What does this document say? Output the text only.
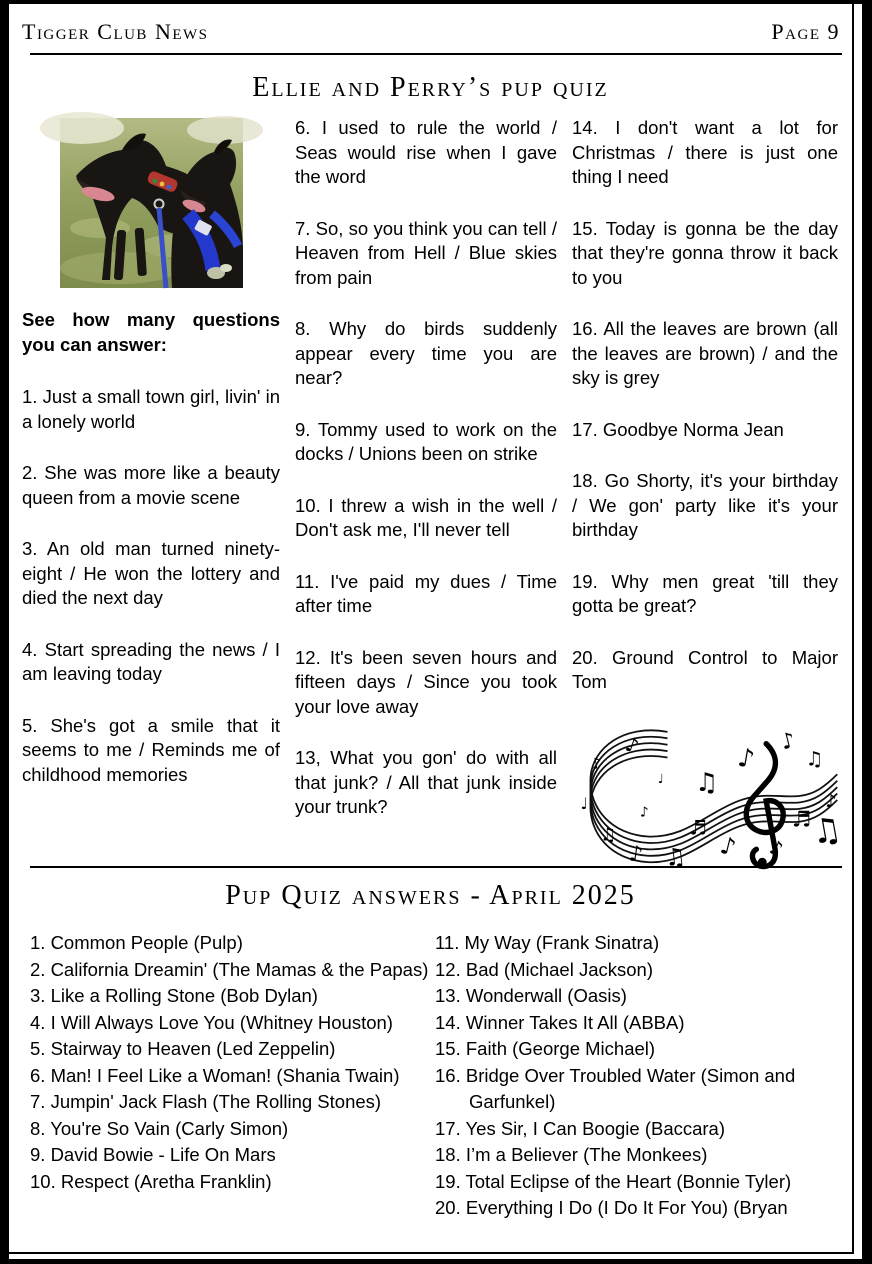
Tigger Club News	Page 9
Ellie and Perry’s pup quiz

See how many questions you can answer:

1. Just a small town girl, livin' in a lonely world

2. She was more like a beauty queen from a movie scene

3. An old man turned ninety-eight / He won the lottery and died the next day

4. Start spreading the news / I am leaving today

5. She's got a smile that it seems to me / Reminds me of childhood memories

6. I used to rule the world / Seas would rise when I gave the word

7. So, so you think you can tell / Heaven from Hell / Blue skies from pain

8. Why do birds suddenly appear every time you are near?

9. Tommy used to work on the docks / Unions been on strike

10. I threw a wish in the well / Don't ask me, I'll never tell

11. I've paid my dues / Time after time

12. It's been seven hours and fifteen days / Since you took your love away

13, What you gon' do with all that junk? / All that junk inside your trunk?

14. I don't want a lot for Christmas / there is just one thing I need

15. Today is gonna be the day that they're gonna throw it back to you

16. All the leaves are brown (all the leaves are brown) / and the sky is grey

17. Goodbye Norma Jean

18. Go Shorty, it's your birthday / We gon' party like it's your birthday

19. Why men great 'till they gotta be great?

20. Ground Control to Major Tom

♪
♪
♩
♫
♪ ♫
♬
♫
♩
♪
♪
♪
♪
♫
♫
♬
♪
♪
Pup Quiz answers - April 2025

1. Common People (Pulp)

2. California Dreamin' (The Mamas & the Papas)

3. Like a Rolling Stone (Bob Dylan)

4. I Will Always Love You (Whitney Houston)

5. Stairway to Heaven (Led Zeppelin)

6. Man! I Feel Like a Woman! (Shania Twain)

7. Jumpin' Jack Flash (The Rolling Stones)

8. You're So Vain (Carly Simon)

9. David Bowie - Life On Mars

10. Respect (Aretha Franklin)

11. My Way (Frank Sinatra)

12. Bad (Michael Jackson)

13. Wonderwall (Oasis)

14. Winner Takes It All (ABBA)

15. Faith (George Michael)

16. Bridge Over Troubled Water (Simon and Garfunkel)

17. Yes Sir, I Can Boogie (Baccara)

18. I’m a Believer (The Monkees)

19. Total Eclipse of the Heart (Bonnie Tyler)

20. Everything I Do (I Do It For You) (Bryan
